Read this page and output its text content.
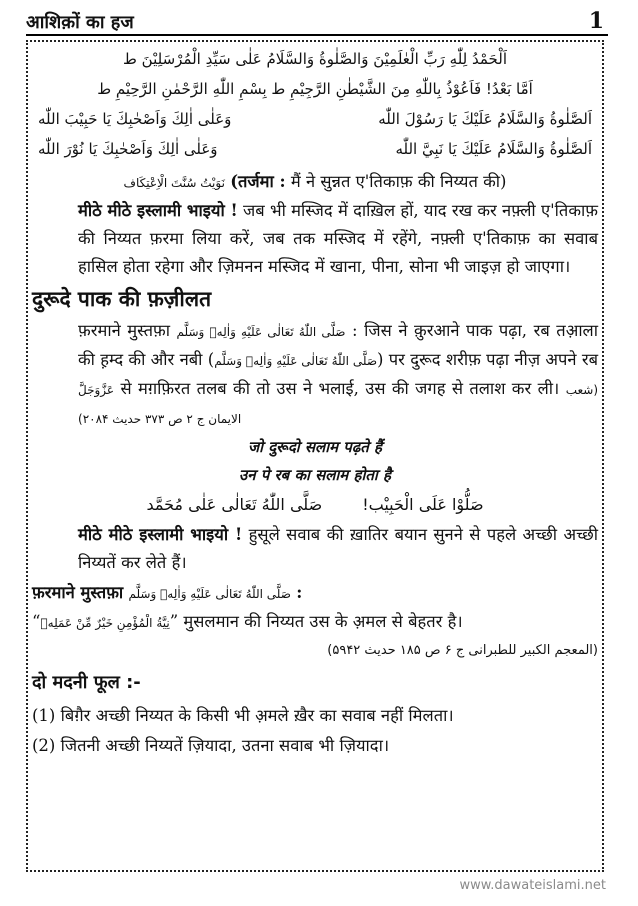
आशिक़ों का हज	1
اَلْحَمْدُ لِلّٰهِ رَبِّ الْعٰلَمِيْنَ وَالصَّلٰوةُ وَالسَّلَامُ عَلٰى سَيِّدِ الْمُرْسَلِيْنَ ط
اَمَّا بَعْدُ! فَاَعُوْذُ بِاللّٰهِ مِنَ الشَّيْطٰنِ الرَّجِيْمِ ط بِسْمِ اللّٰهِ الرَّحْمٰنِ الرَّحِيْمِ ط
اَلصَّلٰوةُ وَالسَّلَامُ عَلَيْكَ يَا رَسُوْلَ اللّٰه
وَعَلٰى اٰلِكَ وَاَصْحٰبِكَ يَا حَبِيْبَ اللّٰه
اَلصَّلٰوةُ وَالسَّلَامُ عَلَيْكَ يَا نَبِيَّ اللّٰه
وَعَلٰى اٰلِكَ وَاَصْحٰبِكَ يَا نُوْرَ اللّٰه

نَوَيْتُ سُنَّتَ الْاِعْتِكَاف (तर्जमा : मैं ने सुन्नत ए'तिकाफ़ की निय्यत की)

मीठे मीठे इस्लामी भाइयो ! जब भी मस्जिद में दाख़िल हों, याद रख कर नफ़्ली ए'तिकाफ़ की निय्यत फ़रमा लिया करें, जब तक मस्जिद में रहेंगे, नफ़्ली ए'तिकाफ़ का सवाब हासिल होता रहेगा और ज़िमनन मस्जिद में खाना, पीना, सोना भी जाइज़ हो जाएगा।

दुरूदे पाक की फ़ज़ीलत

फ़रमाने मुस्तफ़ा صَلَّى اللّٰهُ تَعَالٰى عَلَيْهِ وَاٰلِهٖ وَسَلَّم : जिस ने क़ुरआने पाक पढ़ा, रब तआ़ला की ह़म्द की और नबी (صَلَّى اللّٰهُ تَعَالٰى عَلَيْهِ وَاٰلِهٖ وَسَلَّم) पर दुरूद शरीफ़ पढ़ा नीज़ अपने रब عَزَّوَجَلَّ से मग़फ़िरत तलब की तो उस ने भलाई, उस की जगह से तलाश कर ली। (شعب الایمان ج ۲ ص ۳۷۳ حدیث ۲۰۸۴)

जो दुरूदो सलाम पढ़ते हैं
उन पे रब का सलाम होता है
صَلُّوْا عَلَى الْحَبِيْب!
صَلَّى اللّٰهُ تَعَالٰى عَلٰى مُحَمَّد

मीठे मीठे इस्लामी भाइयो ! हुसूले सवाब की ख़ातिर बयान सुनने से पहले अच्छी अच्छी निय्यतें कर लेते हैं।

फ़रमाने मुस्तफ़ा صَلَّى اللّٰهُ تَعَالٰى عَلَيْهِ وَاٰلِهٖ وَسَلَّم :

“نِيَّةُ الْمُؤْمِنِ خَيْرٌ مِّنْ عَمَلِهٖ” मुसलमान की निय्यत उस के अ़मल से बेहतर है।

(المعجم الکبیر للطبرانی ج ۶ ص ۱۸۵ حدیث ۵۹۴۲)
दो मदनी फूल :-
(1) बिग़ैर अच्छी निय्यत के किसी भी अ़मले ख़ैर का सवाब नहीं मिलता।
(2) जितनी अच्छी निय्यतें ज़ियादा, उतना सवाब भी ज़ियादा।
www.dawateislami.net
